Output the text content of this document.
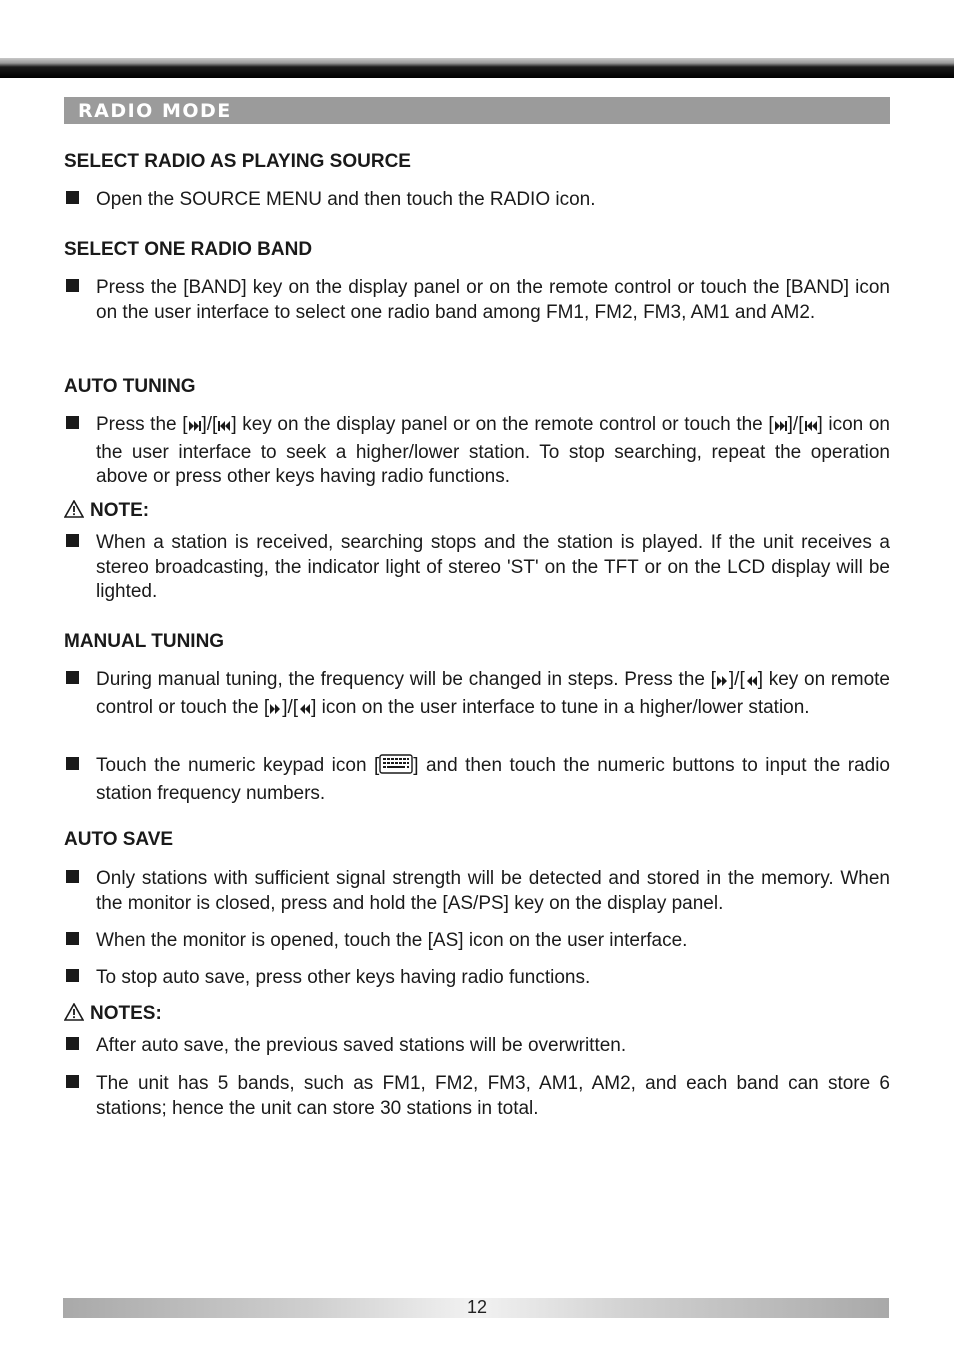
RADIO MODE
SELECT RADIO AS PLAYING SOURCE
Open the SOURCE MENU and then touch the RADIO icon.
SELECT ONE RADIO BAND
Press the [BAND] key on the display panel or on the remote control or touch the [BAND] icon on the user interface to select one radio band among FM1, FM2, FM3, AM1 and AM2.
AUTO TUNING
Press the [ ]/[ ] key on the display panel or on the remote control or touch the [ ]/[ ] icon on the user interface to seek a higher/lower station. To stop searching, repeat the operation above or press other keys having radio functions.
NOTE:
When a station is received, searching stops and the station is played. If the unit receives a stereo broadcasting, the indicator light of stereo 'ST' on the TFT or on the LCD display will be lighted.
MANUAL TUNING
During manual tuning, the frequency will be changed in steps. Press the [ ]/[ ] key on remote control or touch the [ ]/[ ] icon on the user interface to tune in a higher/lower station.
Touch the numeric keypad icon [ ] and then touch the numeric buttons to input the radio station frequency numbers.
AUTO SAVE
Only stations with sufficient signal strength will be detected and stored in the memory. When the monitor is closed, press and hold the [AS/PS] key on the display panel.
When the monitor is opened, touch the [AS] icon on the user interface.
To stop auto save, press other keys having radio functions.
NOTES:
After auto save, the previous saved stations will be overwritten.
The unit has 5 bands, such as FM1, FM2, FM3, AM1, AM2, and each band can store 6 stations; hence the unit can store 30 stations in total.
12
